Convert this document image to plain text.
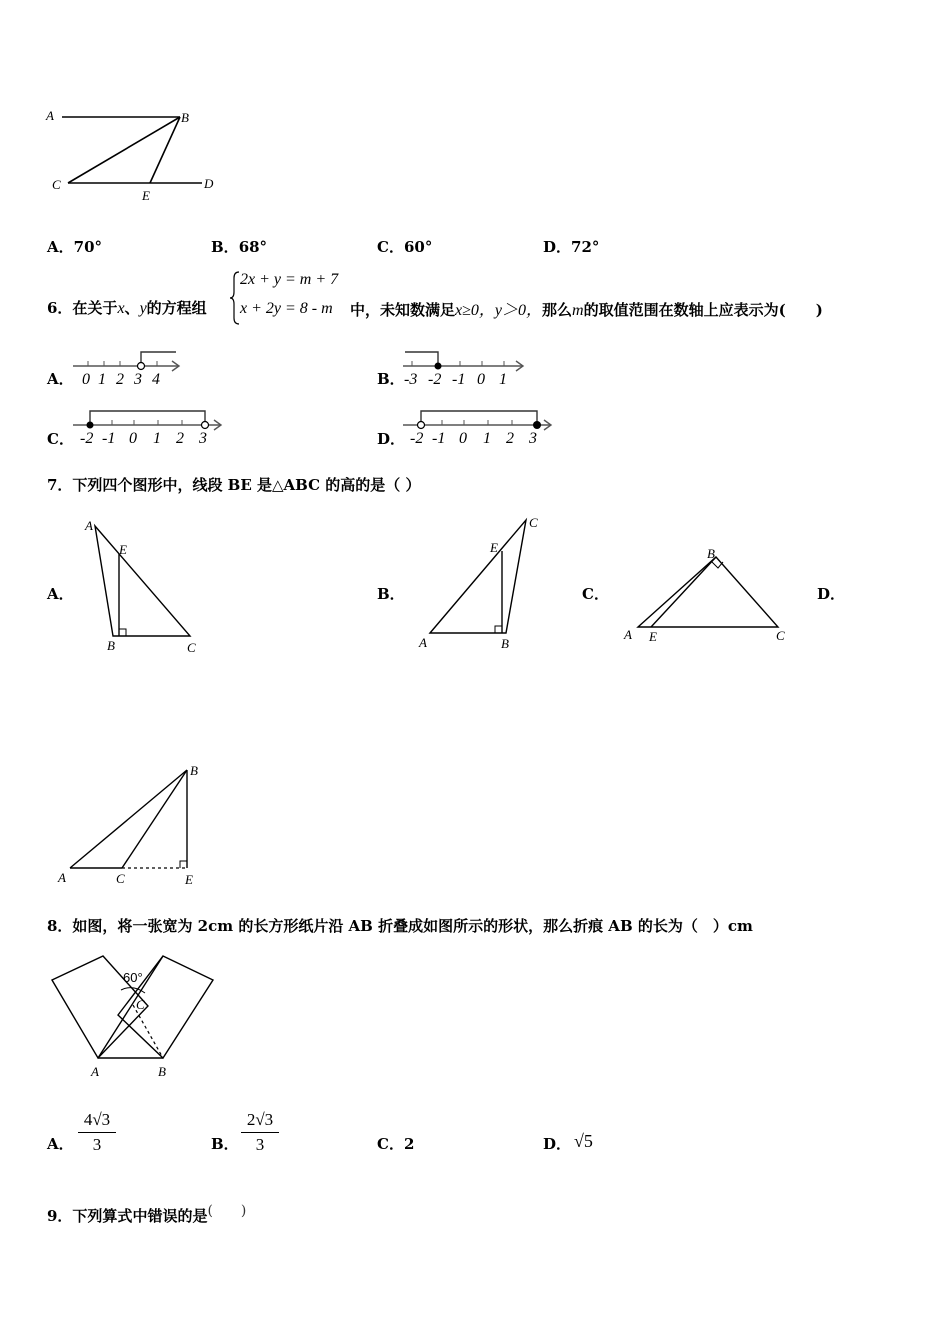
A	B
C
E
D
A．70°	B．68°	C．60°	D．72°
6．在关于x、y的方程组
2x + y = m + 7
x + 2y = 8 - m 中，未知数满足x≥0，y＞0，那么m的取值范围在数轴上应表示为(　　)
A． 0 1 2 3 4	B． -3 -2 -1 0 1
C． -2 -1 0 1 2 3	D． -2 -1 0 1 2 3
7．下列四个图形中，线段 BE 是△ABC 的高的是（ ）
A．
A
E
B	C
B．
C
E
A	B
C．
B
A E	C
D．
B
A	C	E
8．如图，将一张宽为 2cm 的长方形纸片沿 AB 折叠成如图所示的形状，那么折痕 AB 的长为（　）cm
60°
C
A	B
A．
4√3
3	B．
2√3
3	C．2	D． √5
9．下列算式中错误的是(　　)
